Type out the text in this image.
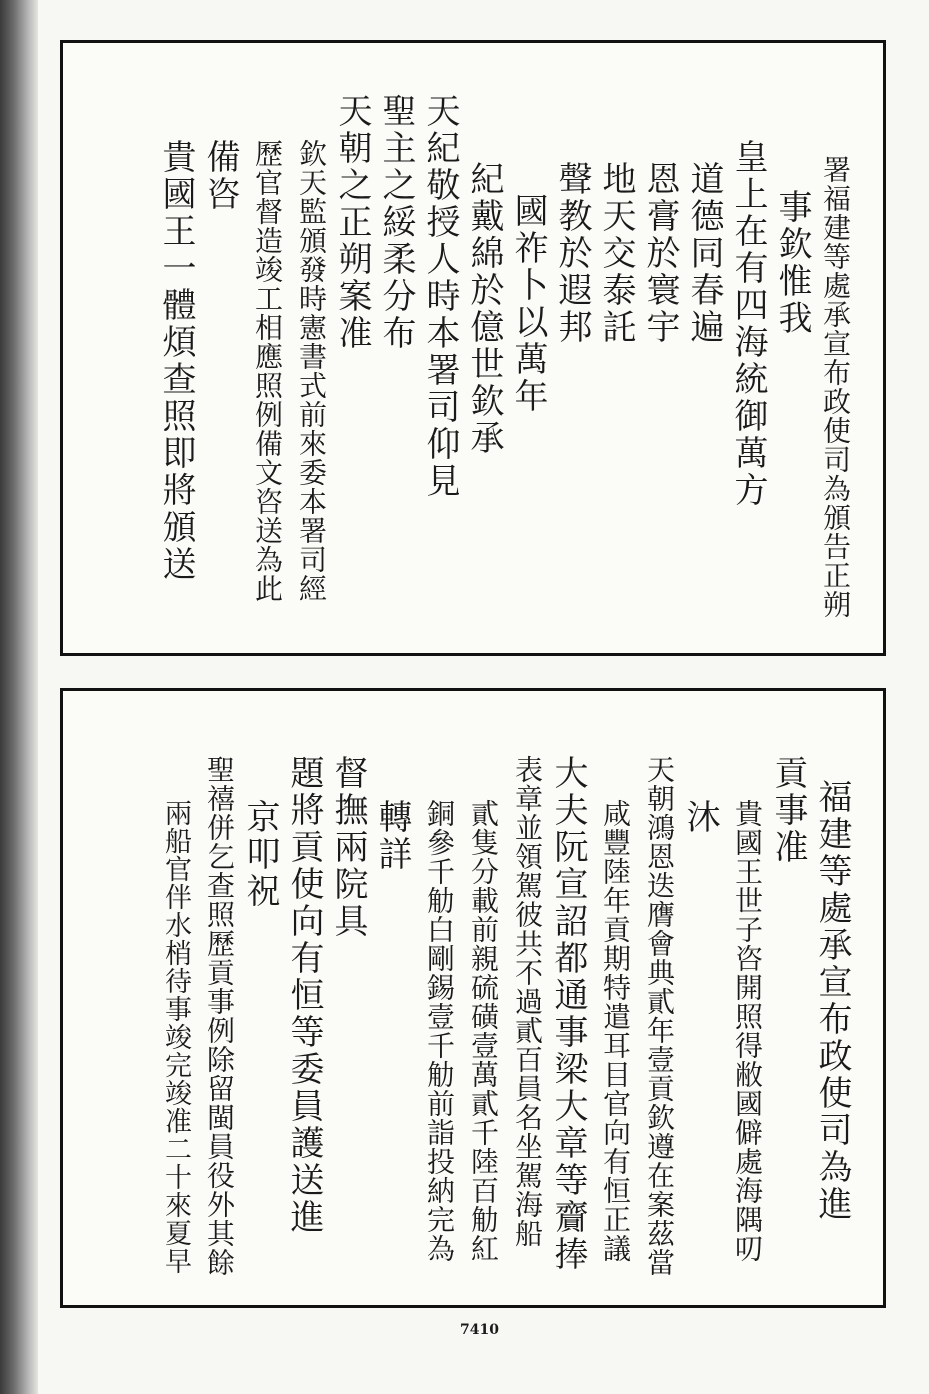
署福建等處承宣布政使司為頒告正朔
事欽惟我
皇上在有四海統御萬方
道德同春遍
恩膏於寰宇
地天交泰託
聲教於遐邦
國祚卜以萬年
紀戴綿於億世欽承
天紀敬授人時本署司仰見
聖主之綏柔分布
天朝之正朔案准
欽天監頒發時憲書式前來委本署司經
歷官督造竣工相應照例備文咨送為此
備咨
貴國王一體煩查照即將頒送
福建等處承宣布政使司為進
貢事准
貴國王世子咨開照得敝國僻處海隅叨
沐
天朝鴻恩迭膺會典貳年壹貢欽遵在案茲當
咸豐陸年貢期特遣耳目官向有恒正議
大夫阮宣詔都通事梁大章等齎捧
表章並領駕彼共不過貳百員名坐駕海船
貳隻分載前親硫磺壹萬貳千陸百觔紅
銅參千觔白剛錫壹千觔前詣投納完為
轉詳
督撫兩院具
題將貢使向有恒等委員護送進
京叩祝
聖禧併乞查照歷貢事例除留閩員役外其餘
兩船官伴水梢待事竣完竣准二十來夏早
7410
